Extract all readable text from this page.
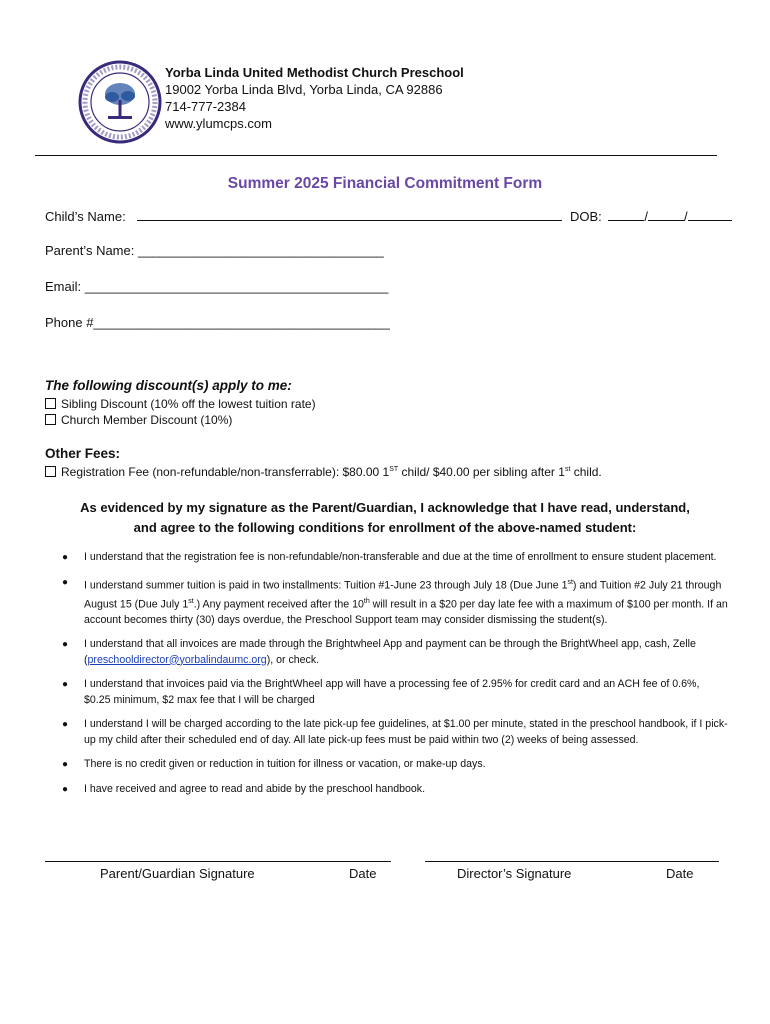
Yorba Linda United Methodist Church Preschool
19002 Yorba Linda Blvd, Yorba Linda, CA 92886
714-777-2384
www.ylumcps.com
Summer 2025 Financial Commitment Form
Child’s Name:	DOB:	/	/
Parent’s Name: __________________________________
Email: __________________________________________
Phone #_________________________________________
The following discount(s) apply to me:
Sibling Discount (10% off the lowest tuition rate)
Church Member Discount (10%)
Other Fees:
Registration Fee (non-refundable/non-transferrable): $80.00 1ST child/ $40.00 per sibling after 1st child.
As evidenced by my signature as the Parent/Guardian, I acknowledge that I have read, understand,
and agree to the following conditions for enrollment of the above-named student:
● I understand that the registration fee is non-refundable/non-transferable and due at the time of enrollment to ensure student placement.
● I understand summer tuition is paid in two installments: Tuition #1-June 23 through July 18 (Due June 1st) and Tuition #2 July 21 through August 15 (Due July 1st.) Any payment received after the 10th will result in a $20 per day late fee with a maximum of $100 per month. If an account becomes thirty (30) days overdue, the Preschool Support team may consider dismissing the student(s).
● I understand that all invoices are made through the Brightwheel App and payment can be through the BrightWheel app, cash, Zelle (preschooldirector@yorbalindaumc.org), or check.
● I understand that invoices paid via the BrightWheel app will have a processing fee of 2.95% for credit card and an ACH fee of 0.6%, $0.25 minimum, $2 max fee that I will be charged
● I understand I will be charged according to the late pick-up fee guidelines, at $1.00 per minute, stated in the preschool handbook, if I pick-up my child after their scheduled end of day. All late pick-up fees must be paid within two (2) weeks of being assessed.
● There is no credit given or reduction in tuition for illness or vacation, or make-up days.
● I have received and agree to read and abide by the preschool handbook.
Parent/Guardian Signature	Date	Director’s Signature	Date
